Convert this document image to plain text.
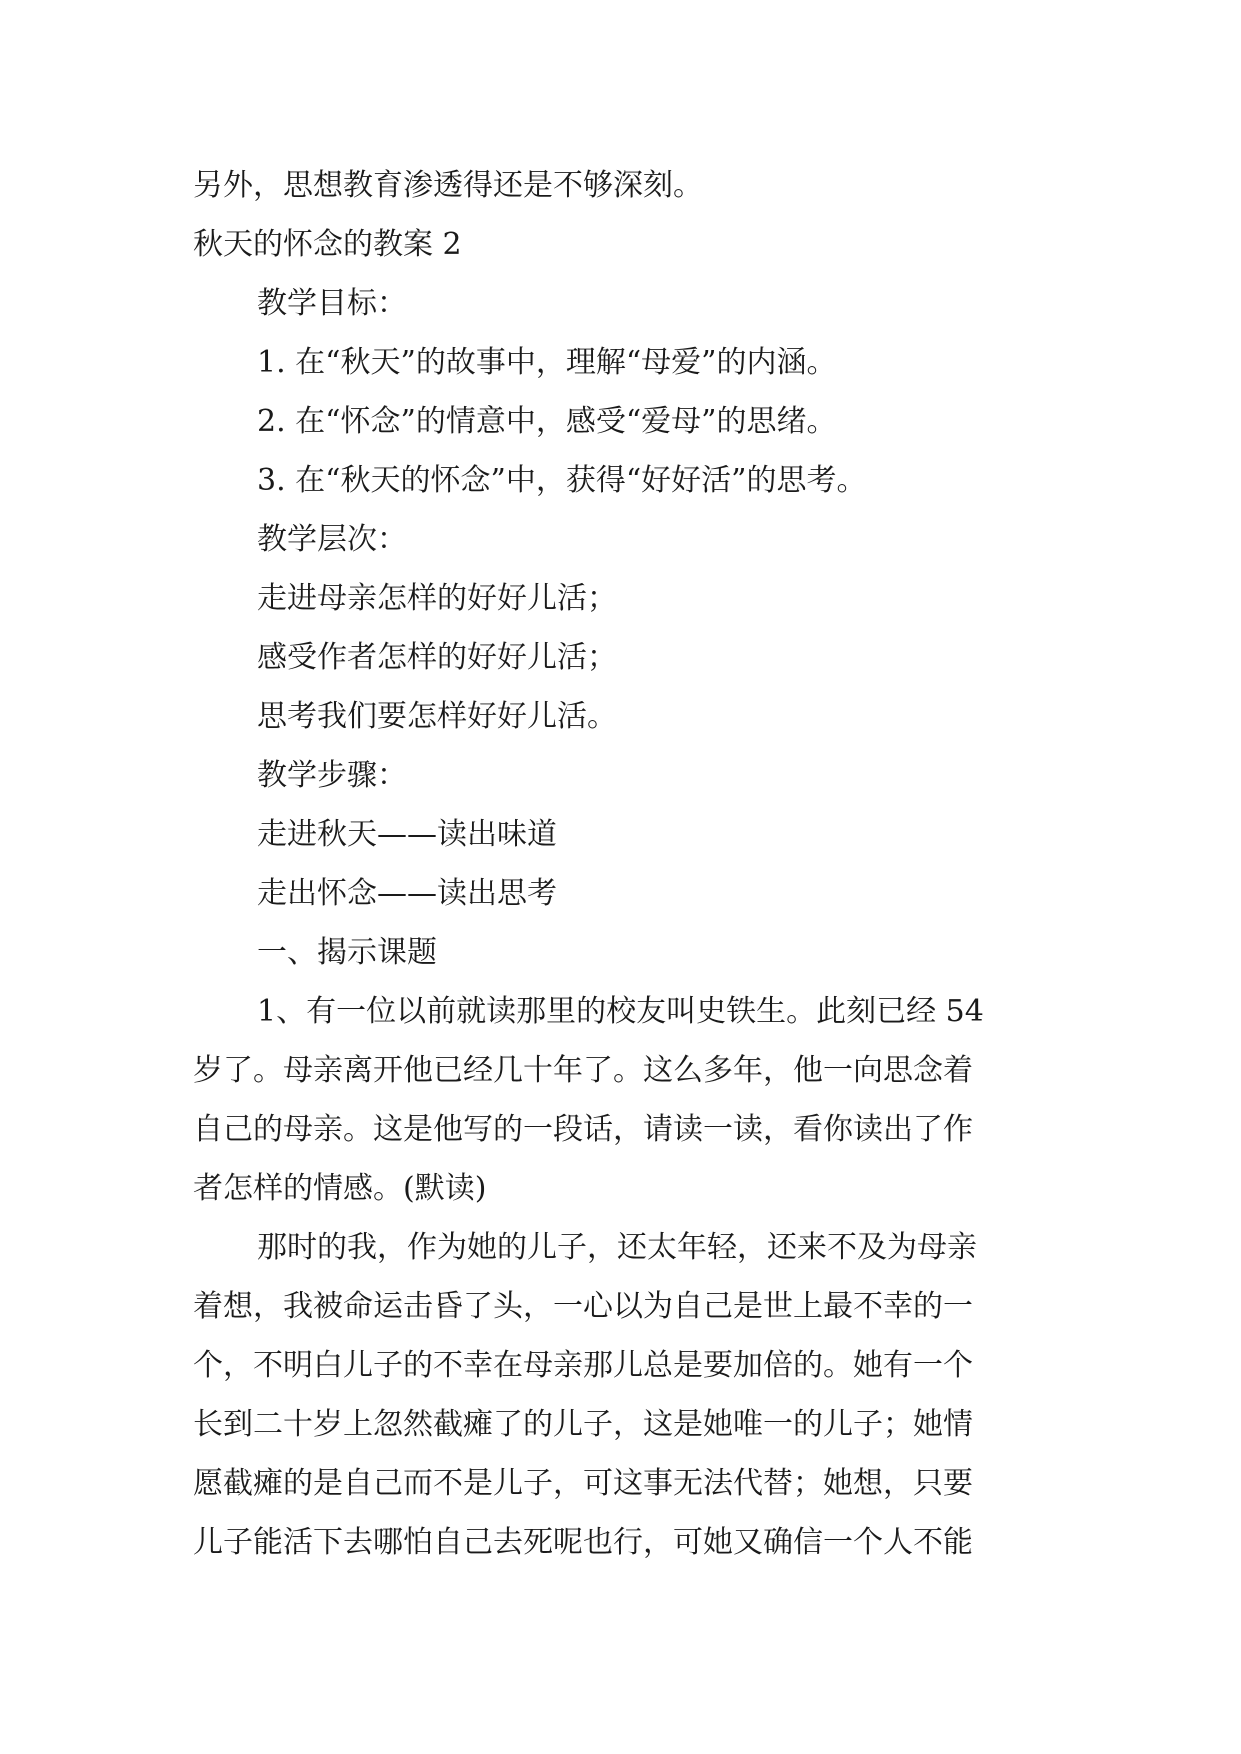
另外，思想教育渗透得还是不够深刻。
秋天的怀念的教案 2
教学目标：
1. 在“秋天”的故事中，理解“母爱”的内涵。
2. 在“怀念”的情意中，感受“爱母”的思绪。
3. 在“秋天的怀念”中，获得“好好活”的思考。
教学层次：
走进母亲怎样的好好儿活；
感受作者怎样的好好儿活；
思考我们要怎样好好儿活。
教学步骤：
走进秋天——读出味道
走出怀念——读出思考
一、揭示课题
1、有一位以前就读那里的校友叫史铁生。此刻已经 54
岁了。母亲离开他已经几十年了。这么多年，他一向思念着
自己的母亲。这是他写的一段话，请读一读，看你读出了作
者怎样的情感。(默读)
那时的我，作为她的儿子，还太年轻，还来不及为母亲
着想，我被命运击昏了头，一心以为自己是世上最不幸的一
个，不明白儿子的不幸在母亲那儿总是要加倍的。她有一个
长到二十岁上忽然截瘫了的儿子，这是她唯一的儿子；她情
愿截瘫的是自己而不是儿子，可这事无法代替；她想，只要
儿子能活下去哪怕自己去死呢也行，可她又确信一个人不能
